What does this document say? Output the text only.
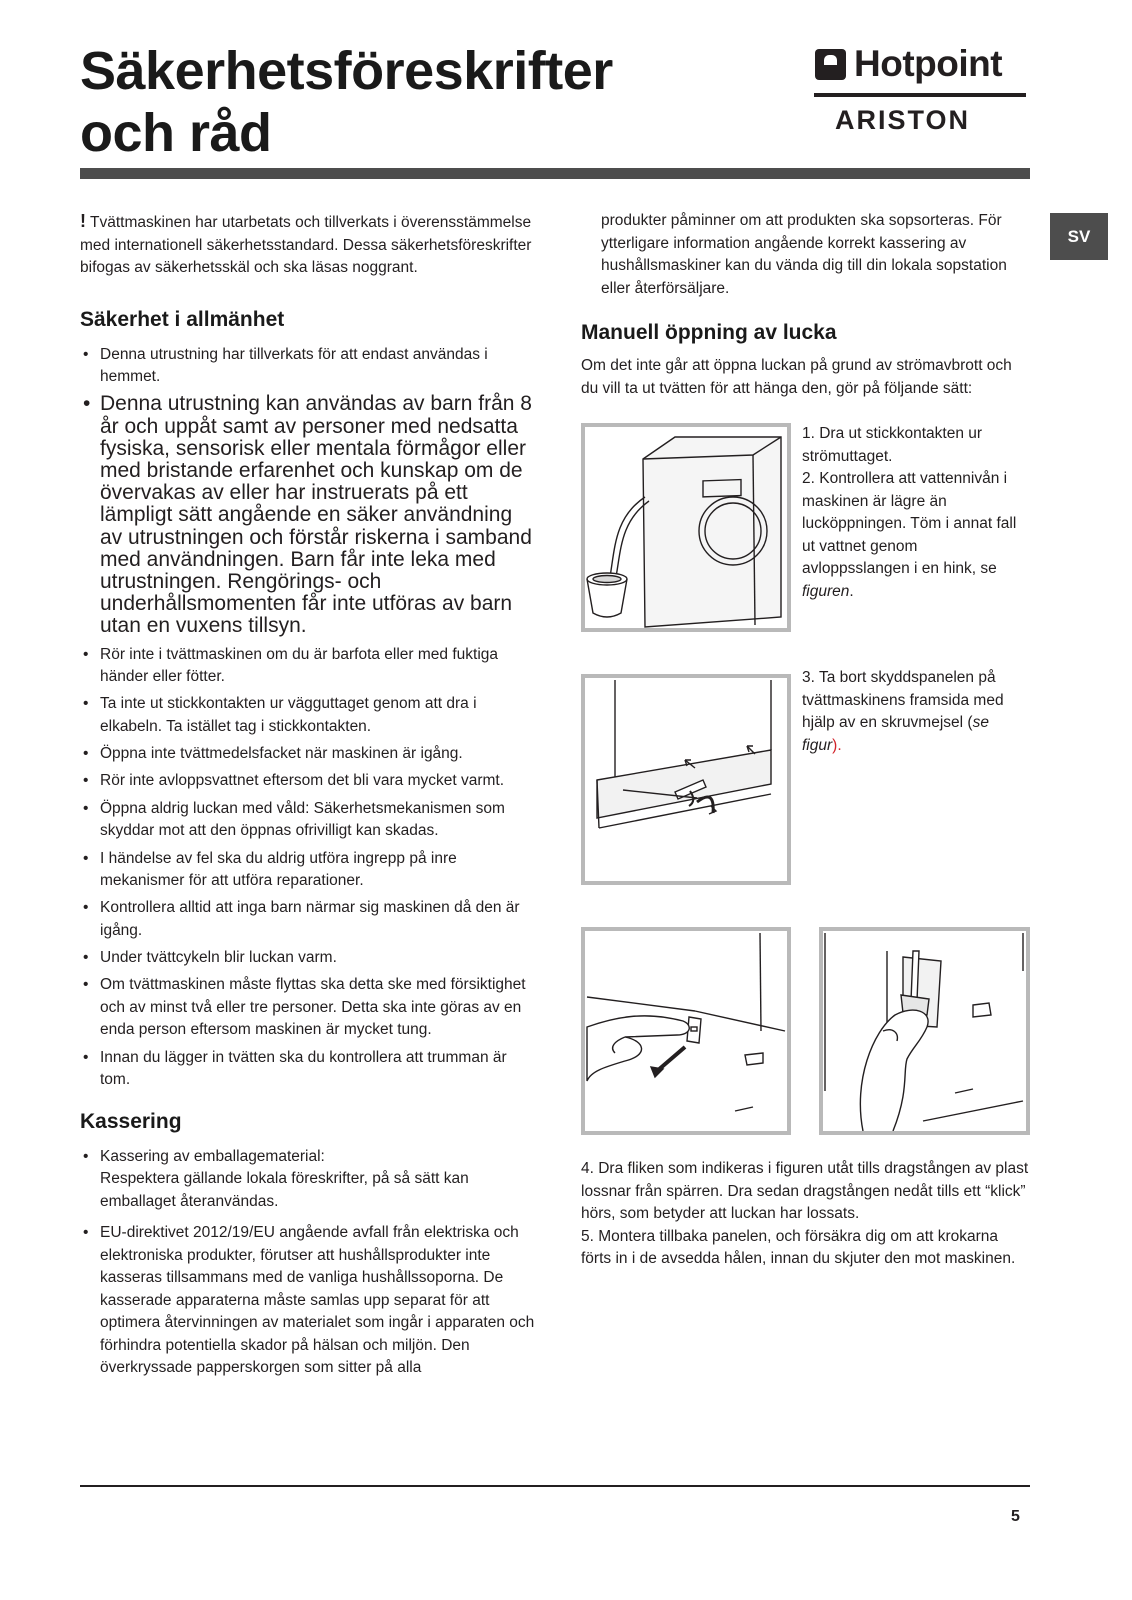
Säkerhetsföreskrifter
och råd
Hotpoint
ARISTON
SV

! Tvättmaskinen har utarbetats och tillverkats i överensstämmelse med internationell säkerhetsstandard. Dessa säkerhetsföreskrifter bifogas av säkerhetsskäl och ska läsas noggrant.

Säkerhet i allmänhet
• Denna utrustning har tillverkats för att endast användas i hemmet.
• Denna utrustning kan användas av barn från 8 år och uppåt samt av personer med nedsatta fysiska, sensorisk eller mentala förmågor eller med bristande erfarenhet och kunskap om de övervakas av eller har instruerats på ett lämpligt sätt angående en säker användning av utrustningen och förstår riskerna i samband med användningen. Barn får inte leka med utrustningen. Rengörings- och underhållsmomenten får inte utföras av barn utan en vuxens tillsyn.
• Rör inte i tvättmaskinen om du är barfota eller med fuktiga händer eller fötter.
• Ta inte ut stickkontakten ur vägguttaget genom att dra i elkabeln. Ta istället tag i stickkontakten.
• Öppna inte tvättmedelsfacket när maskinen är igång.
• Rör inte avloppsvattnet eftersom det bli vara mycket varmt.
• Öppna aldrig luckan med våld: Säkerhetsmekanismen som skyddar mot att den öppnas ofrivilligt kan skadas.
• I händelse av fel ska du aldrig utföra ingrepp på inre mekanismer för att utföra reparationer.
• Kontrollera alltid att inga barn närmar sig maskinen då den är igång.
• Under tvättcykeln blir luckan varm.
• Om tvättmaskinen måste flyttas ska detta ske med försiktighet och av minst två eller tre personer. Detta ska inte göras av en enda person eftersom maskinen är mycket tung.
• Innan du lägger in tvätten ska du kontrollera att trumman är tom.
Kassering
• Kassering av emballagematerial:
Respektera gällande lokala föreskrifter, på så sätt kan emballaget återanvändas.
• EU-direktivet 2012/19/EU angående avfall från elektriska och elektroniska produkter, förutser att hushållsprodukter inte kasseras tillsammans med de vanliga hushållssoporna. De kasserade apparaterna måste samlas upp separat för att optimera återvinningen av materialet som ingår i apparaten och förhindra potentiella skador på hälsan och miljön. Den överkryssade papperskorgen som sitter på alla

produkter påminner om att produkten ska sopsorteras. För ytterligare information angående korrekt kassering av hushållsmaskiner kan du vända dig till din lokala sopstation eller återförsäljare.

Manuell öppning av lucka

Om det inte går att öppna luckan på grund av strömavbrott och du vill ta ut tvätten för att hänga den, gör på följande sätt:

1. Dra ut stickkontakten ur strömuttaget.

2. Kontrollera att vattennivån i maskinen är lägre än lucköppningen. Töm i annat fall ut vattnet genom avloppsslangen i en hink, se figuren.

3. Ta bort skyddspanelen på tvättmaskinens framsida med hjälp av en skruvmejsel (se figur).

4. Dra fliken som indikeras i figuren utåt tills dragstången av plast lossnar från spärren. Dra sedan dragstången nedåt tills ett “klick” hörs, som betyder att luckan har lossats.

5. Montera tillbaka panelen, och försäkra dig om att krokarna förts in i de avsedda hålen, innan du skjuter den mot maskinen.

5
